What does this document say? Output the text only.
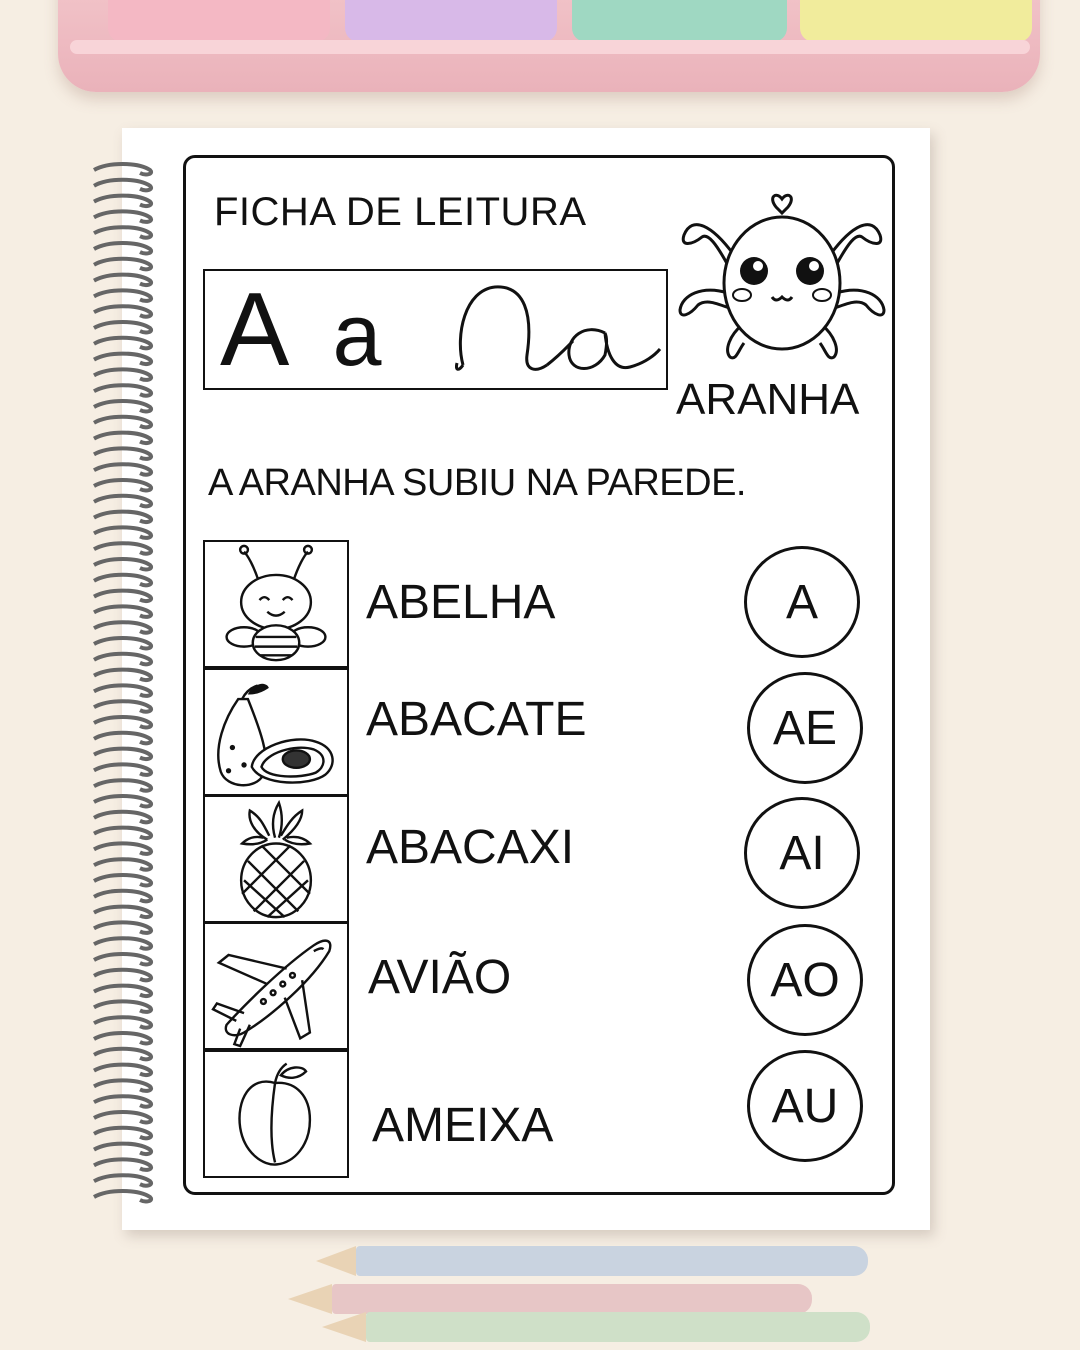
FICHA DE LEITURA
A a
ARANHA
A ARANHA SUBIU NA PAREDE.
ABELHA
ABACATE
ABACAXI
AVIÃO
AMEIXA
A
AE
AI
AO
AU
